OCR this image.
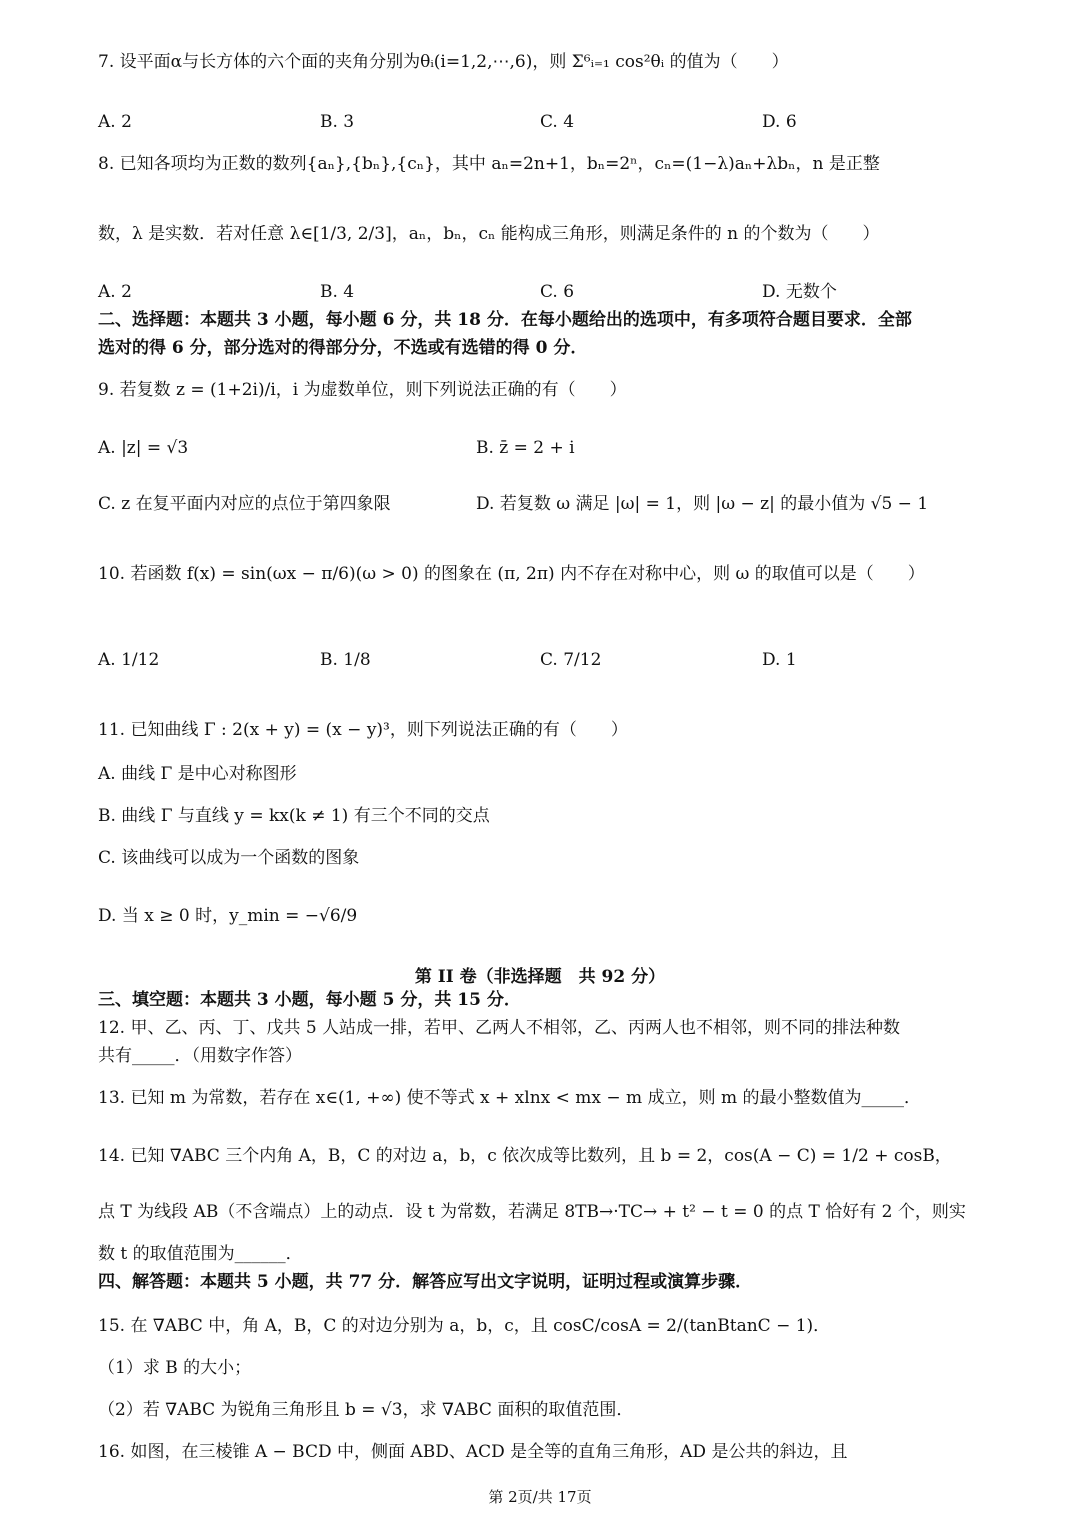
7. 设平面α与长方体的六个面的夹角分别为θᵢ(i=1,2,⋯,6)，则 Σ⁶ᵢ₌₁ cos²θᵢ 的值为（　　）
A. 2	B. 3	C. 4	D. 6
8. 已知各项均为正数的数列{aₙ},{bₙ},{cₙ}，其中 aₙ=2n+1，bₙ=2ⁿ，cₙ=(1−λ)aₙ+λbₙ，n 是正整
数，λ 是实数．若对任意 λ∈[1/3, 2/3]，aₙ，bₙ，cₙ 能构成三角形，则满足条件的 n 的个数为（　　）
A. 2	B. 4	C. 6	D. 无数个
二、选择题：本题共 3 小题，每小题 6 分，共 18 分．在每小题给出的选项中，有多项符合题目要求．全部
选对的得 6 分，部分选对的得部分分，不选或有选错的得 0 分．
9. 若复数 z = (1+2i)/i，i 为虚数单位，则下列说法正确的有（　　）
A. |z| = √3	B. z̄ = 2 + i
C. z 在复平面内对应的点位于第四象限	D. 若复数 ω 满足 |ω| = 1，则 |ω − z| 的最小值为 √5 − 1
10. 若函数 f(x) = sin(ωx − π/6)(ω > 0) 的图象在 (π, 2π) 内不存在对称中心，则 ω 的取值可以是（　　）
A. 1/12	B. 1/8	C. 7/12	D. 1
11. 已知曲线 Γ : 2(x + y) = (x − y)³，则下列说法正确的有（　　）
A. 曲线 Γ 是中心对称图形
B. 曲线 Γ 与直线 y = kx(k ≠ 1) 有三个不同的交点
C. 该曲线可以成为一个函数的图象
D. 当 x ≥ 0 时，y_min = −√6/9
第 II 卷（非选择题　共 92 分）
三、填空题：本题共 3 小题，每小题 5 分，共 15 分．
12. 甲、乙、丙、丁、戊共 5 人站成一排，若甲、乙两人不相邻，乙、丙两人也不相邻，则不同的排法种数
共有_____．（用数字作答）
13. 已知 m 为常数，若存在 x∈(1, +∞) 使不等式 x + xlnx < mx − m 成立，则 m 的最小整数值为_____．
14. 已知 ∇ABC 三个内角 A，B，C 的对边 a，b，c 依次成等比数列，且 b = 2，cos(A − C) = 1/2 + cosB，
点 T 为线段 AB（不含端点）上的动点．设 t 为常数，若满足 8TB→·TC→ + t² − t = 0 的点 T 恰好有 2 个，则实
数 t 的取值范围为______．
四、解答题：本题共 5 小题，共 77 分．解答应写出文字说明，证明过程或演算步骤．
15. 在 ∇ABC 中，角 A，B，C 的对边分别为 a，b，c，且 cosC/cosA = 2/(tanBtanC − 1)．
（1）求 B 的大小；
（2）若 ∇ABC 为锐角三角形且 b = √3，求 ∇ABC 面积的取值范围．
16. 如图，在三棱锥 A − BCD 中，侧面 ABD、ACD 是全等的直角三角形，AD 是公共的斜边，且
第 2页/共 17页
